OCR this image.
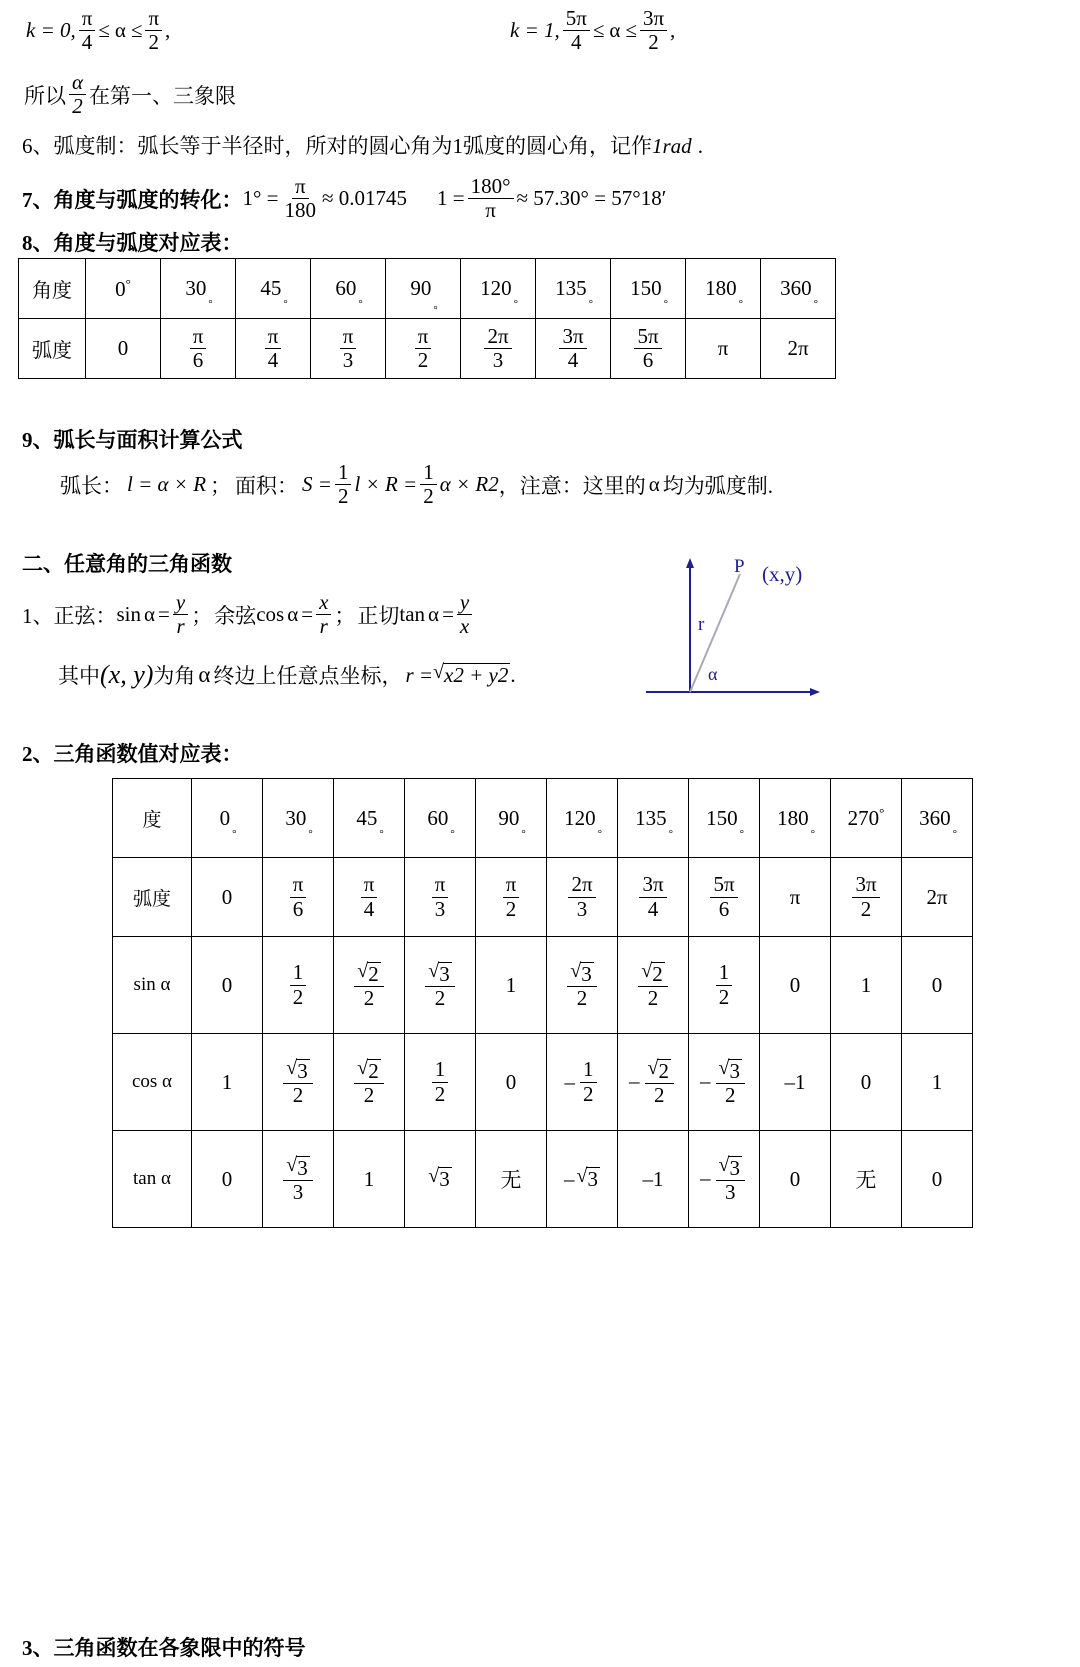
k = 0, $\frac{\pi}{4} \le \alpha \le \frac{\pi}{2}$ ,	k = 1, $\frac{5\pi}{4} \le \alpha \le \frac{3\pi}{2}$ ,
所以 $\frac{\alpha}{2}$ 在第一、三象限
6、弧度制：弧长等于半径时，所对的圆心角为1弧度的圆心角，记作1rad .
7、角度与弧度的转化： $1^\circ = \frac{\pi}{180} \approx 0.01745$ $1 = \frac{180^\circ}{\pi} \approx 57.30^\circ = 57^\circ 18'$
8、角度与弧度对应表：
角度	0°	$30^\circ$	$45^\circ$	$60^\circ$	$90^\circ$	$120^\circ$	$135^\circ$	$150^\circ$	$180^\circ$	$360^\circ$

弧度	0	$\frac{\pi}{6}$	$\frac{\pi}{4}$	$\frac{\pi}{3}$	$\frac{\pi}{2}$	$\frac{2\pi}{3}$	$\frac{3\pi}{4}$	$\frac{5\pi}{6}$	π	2π
9、弧长与面积计算公式
弧长： l = α × R ； 面积： $S = \frac{1}{2}$ $l \times R = \frac{1}{2}$ α × R2 ，注意：这里的 α 均为弧度制.
二、任意角的三角函数
1、正弦： $\sin \alpha = \frac{y}{r}$ ； 余弦 $\cos \alpha = \frac{x}{r}$ ； 正切 $\tan \alpha = \frac{y}{x}$
其中 (x, y) 为角 α 终边上任意点坐标， r = √ x2 + y2 .
P (x,y)
r
α
2、三角函数值对应表：
度	$0^\circ$	$30^\circ$	$45^\circ$	$60^\circ$	$90^\circ$	$120^\circ$	$135^\circ$	$150^\circ$	$180^\circ$	270°	$360^\circ$

弧度	0	$\frac{\pi}{6}$	$\frac{\pi}{4}$	$\frac{\pi}{3}$	$\frac{\pi}{2}$	$\frac{2\pi}{3}$	$\frac{3\pi}{4}$	$\frac{5\pi}{6}$	π	$\frac{3\pi}{2}$	2π

sin α	0	$\frac{1}{2}$	$\frac{√ 2}{2}$	$\frac{√ 3}{2}$	1	$\frac{√ 3}{2}$	$\frac{√ 2}{2}$	$\frac{1}{2}$	0	1	0

cos α	1	$\frac{√ 3}{2}$	$\frac{√ 2}{2}$	$\frac{1}{2}$	0	– $\frac{1}{2}$	– $\frac{√ 2}{2}$	– $\frac{√ 3}{2}$	–1	0	1

tan α	0	$\frac{√ 3}{3}$	1	√ 3	无	– √ 3	–1	– $\frac{√ 3}{3}$	0	无	0
3、三角函数在各象限中的符号
